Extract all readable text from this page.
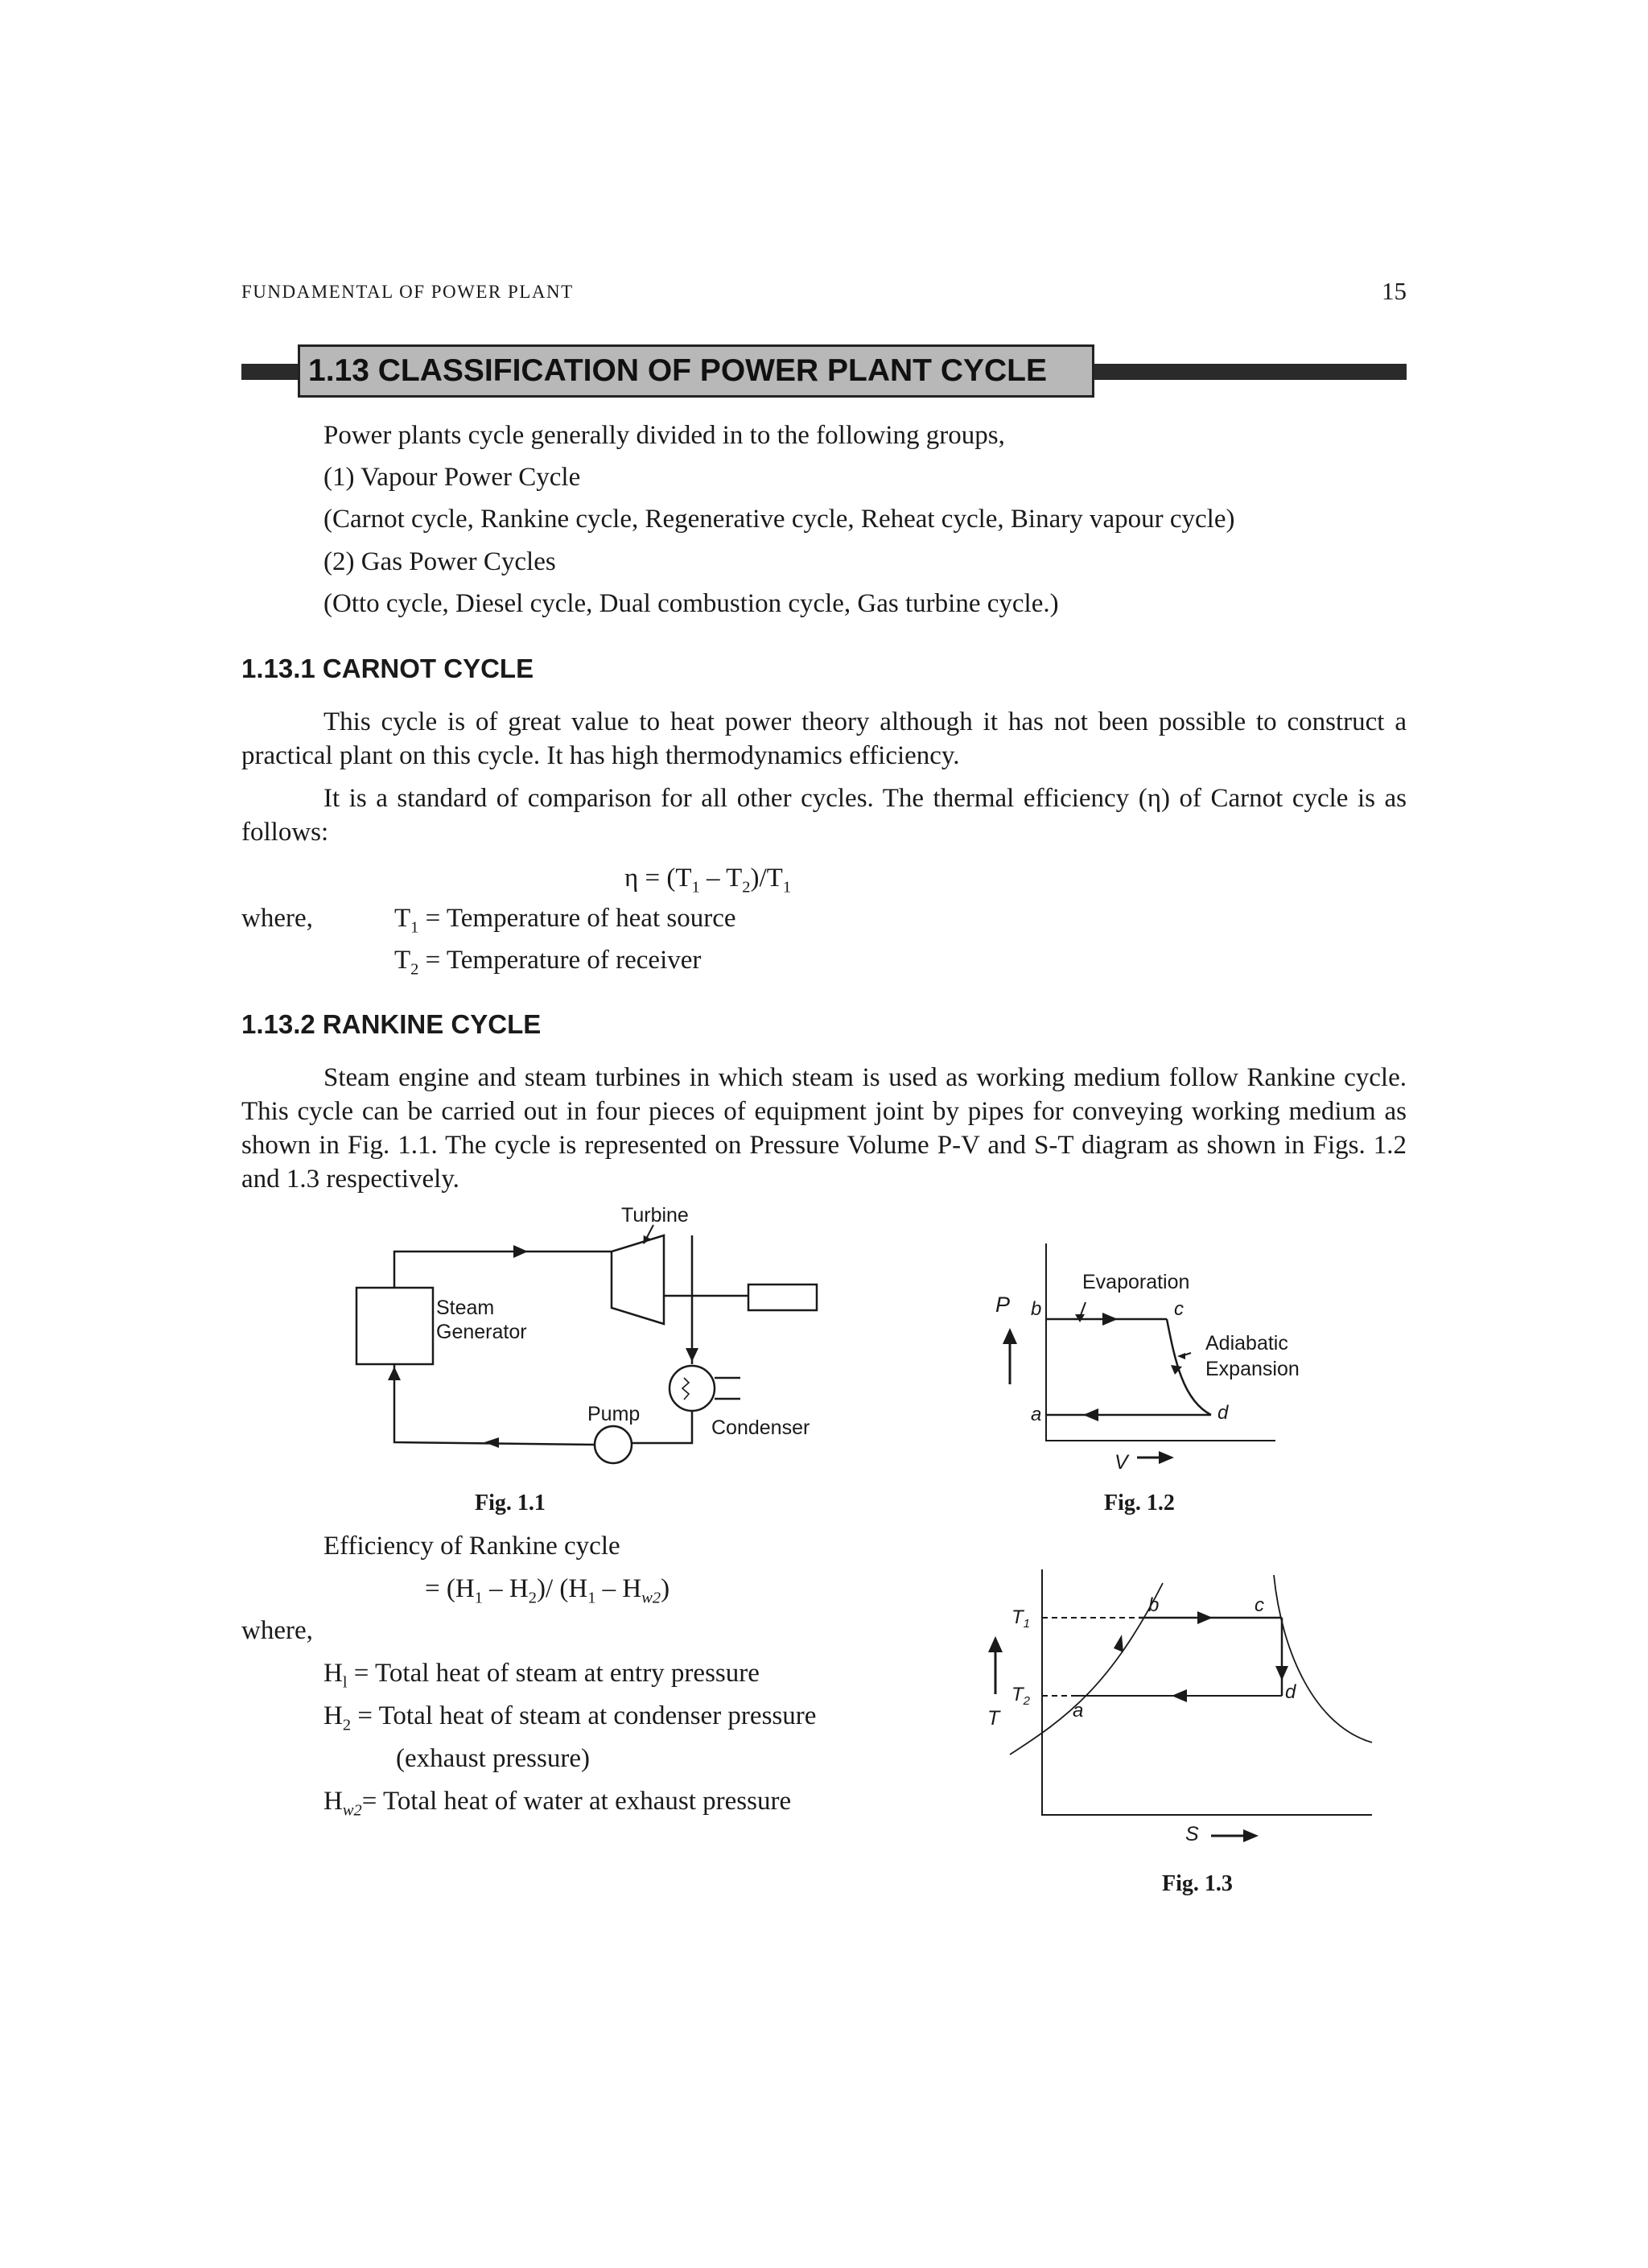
FUNDAMENTAL OF POWER PLANT	15
1.13 CLASSIFICATION OF POWER PLANT CYCLE
Power plants cycle generally divided in to the following groups,
(1) Vapour Power Cycle
(Carnot cycle, Rankine cycle, Regenerative cycle, Reheat cycle, Binary vapour cycle)
(2) Gas Power Cycles
(Otto cycle, Diesel cycle, Dual combustion cycle, Gas turbine cycle.)
1.13.1 CARNOT CYCLE
This cycle is of great value to heat power theory although it has not been possible to construct a practical plant on this cycle. It has high thermodynamics efficiency.
It is a standard of comparison for all other cycles. The thermal efficiency (η) of Carnot cycle is as follows:
$\eta = (T_1 - T_2)/T_1$
where,	$T_1$ = Temperature of heat source
$T_2$ = Temperature of receiver
1.13.2 RANKINE CYCLE
Steam engine and steam turbines in which steam is used as working medium follow Rankine cycle. This cycle can be carried out in four pieces of equipment joint by pipes for conveying working medium as shown in Fig. 1.1. The cycle is represented on Pressure Volume P-V and S-T diagram as shown in Figs. 1.2 and 1.3 respectively.
Turbine
Steam
Generator
Pump
Condenser
Fig. 1.1
P
V
b	c
a	d
Evaporation
Adiabatic
Expansion
Fig. 1.2
Efficiency of Rankine cycle
= $(H_1 - H_2)/$ $(H_1 - H_{w2})$
where,
$H_l$ = Total heat of steam at entry pressure
$H_2$ = Total heat of steam at condenser pressure
(exhaust pressure)
$H_{w2}=$ Total heat of water at exhaust pressure
$T_1$
$T_2$
T
S
b	c
a
d
Fig. 1.3
